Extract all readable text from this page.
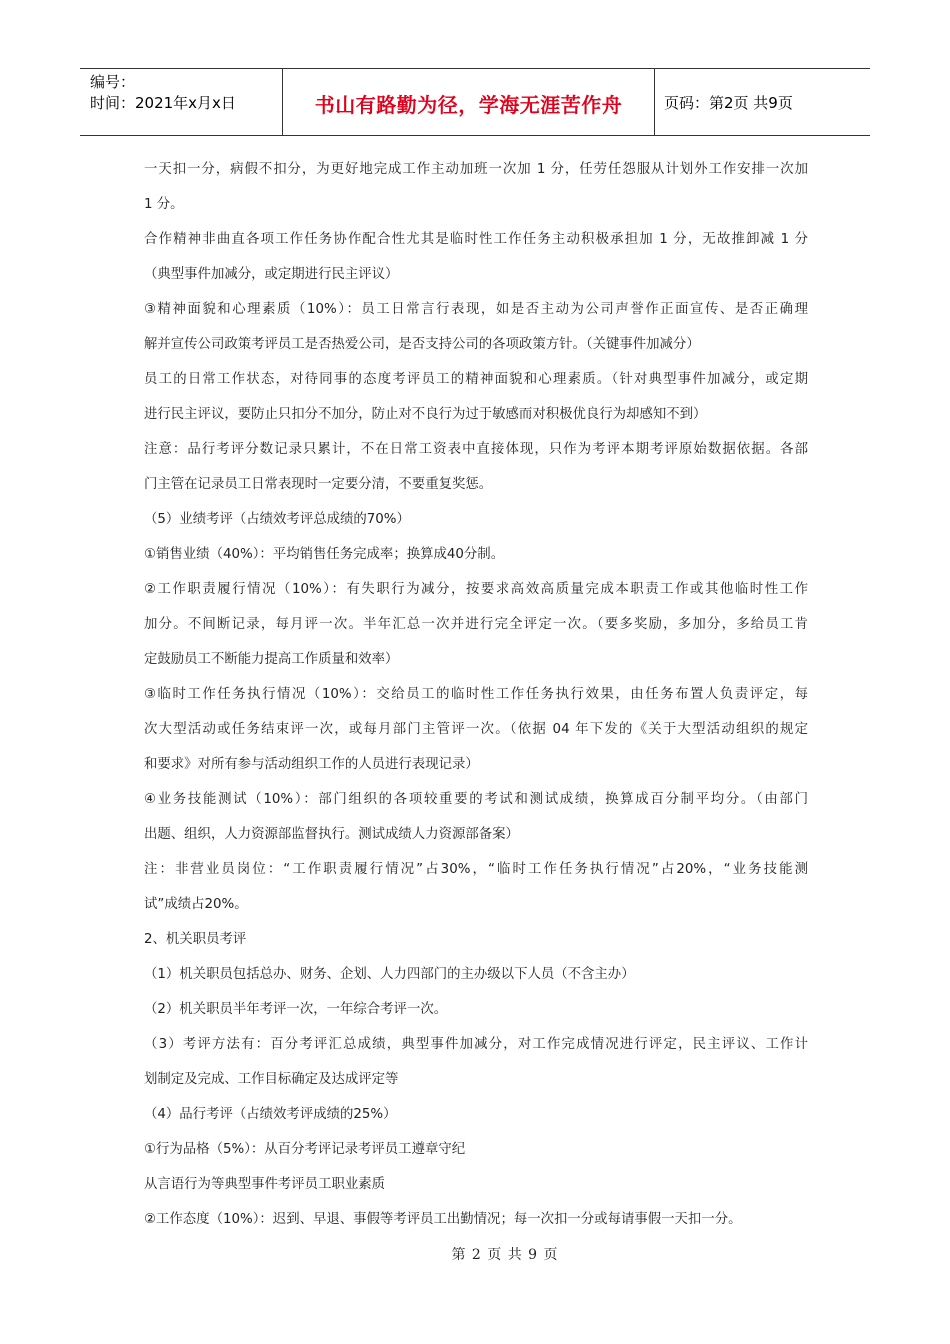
编号：
时间：2021年x月x日	书山有路勤为径，学海无涯苦作舟	页码：第2页 共9页
一天扣一分，病假不扣分，为更好地完成工作主动加班一次加 1 分，任劳任怨服从计划外工作安排一次加
1 分。
合作精神非曲直各项工作任务协作配合性尤其是临时性工作任务主动积极承担加 1 分，无故推卸减 1 分
（典型事件加减分，或定期进行民主评议）
③精神面貌和心理素质（10%）：员工日常言行表现，如是否主动为公司声誉作正面宣传、是否正确理
解并宣传公司政策考评员工是否热爱公司，是否支持公司的各项政策方针。（关键事件加减分）
员工的日常工作状态，对待同事的态度考评员工的精神面貌和心理素质。（针对典型事件加减分，或定期
进行民主评议，要防止只扣分不加分，防止对不良行为过于敏感而对积极优良行为却感知不到）
注意：品行考评分数记录只累计，不在日常工资表中直接体现，只作为考评本期考评原始数据依据。各部
门主管在记录员工日常表现时一定要分清，不要重复奖惩。
（5）业绩考评（占绩效考评总成绩的70%）
①销售业绩（40%）：平均销售任务完成率；换算成40分制。
②工作职责履行情况（10%）：有失职行为减分，按要求高效高质量完成本职责工作或其他临时性工作
加分。不间断记录，每月评一次。半年汇总一次并进行完全评定一次。（要多奖励，多加分，多给员工肯
定鼓励员工不断能力提高工作质量和效率）
③临时工作任务执行情况（10%）：交给员工的临时性工作任务执行效果，由任务布置人负责评定，每
次大型活动或任务结束评一次，或每月部门主管评一次。（依据 04 年下发的《关于大型活动组织的规定
和要求》对所有参与活动组织工作的人员进行表现记录）
④业务技能测试（10%）：部门组织的各项较重要的考试和测试成绩，换算成百分制平均分。（由部门
出题、组织，人力资源部监督执行。测试成绩人力资源部备案）
注：非营业员岗位：“工作职责履行情况”占30%，“临时工作任务执行情况”占20%，“业务技能测
试”成绩占20%。
2、机关职员考评
（1）机关职员包括总办、财务、企划、人力四部门的主办级以下人员（不含主办）
（2）机关职员半年考评一次，一年综合考评一次。
（3）考评方法有：百分考评汇总成绩，典型事件加减分，对工作完成情况进行评定，民主评议、工作计
划制定及完成、工作目标确定及达成评定等
（4）品行考评（占绩效考评成绩的25%）
①行为品格（5%）：从百分考评记录考评员工遵章守纪
从言语行为等典型事件考评员工职业素质
②工作态度（10%）：迟到、早退、事假等考评员工出勤情况；每一次扣一分或每请事假一天扣一分。
第 2 页 共 9 页
